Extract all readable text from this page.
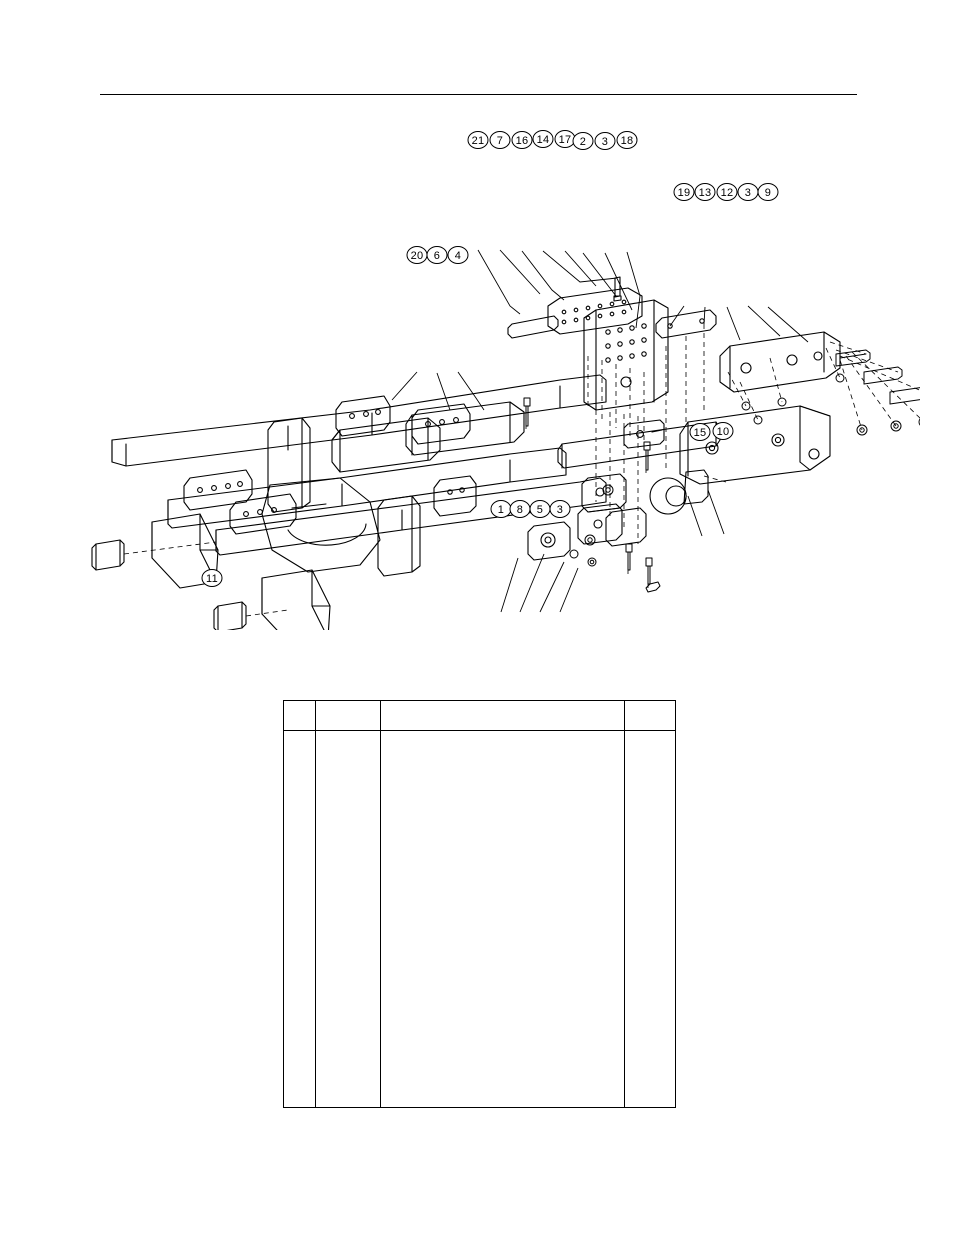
21 7 16 14 17 2 3 18
19 13 12 3 9
20 6 4
15 10
1 8 5 3
11
